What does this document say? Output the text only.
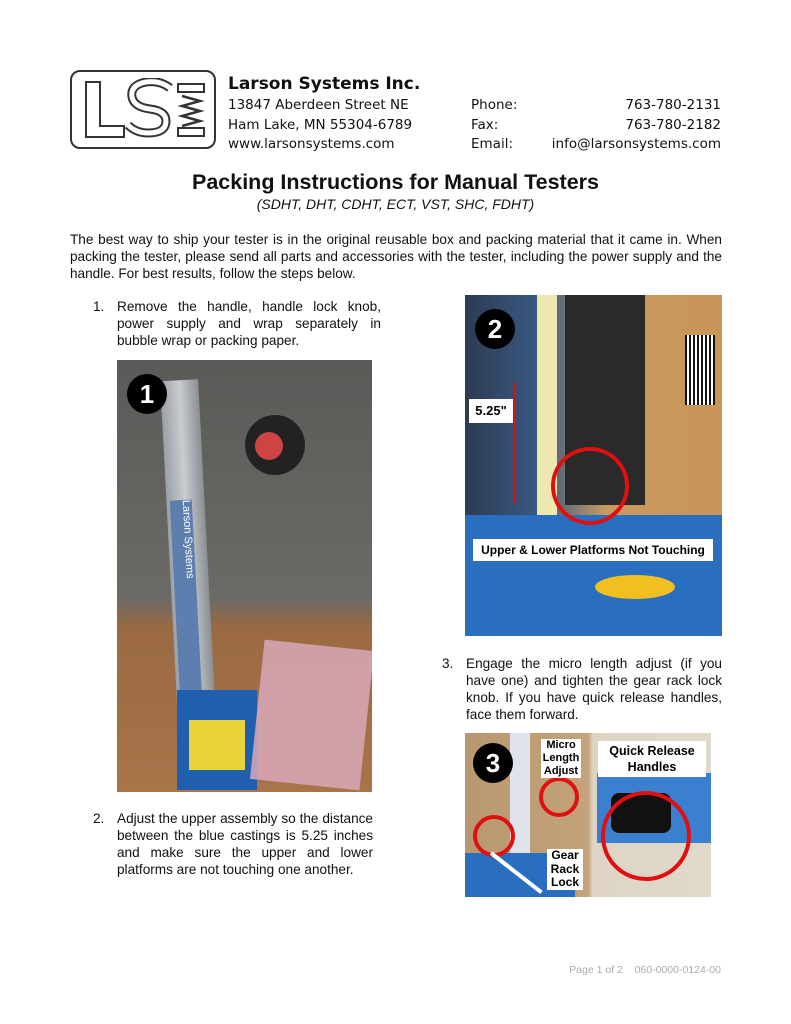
Larson Systems Inc.
13847 Aberdeen Street NE
Ham Lake, MN 55304-6789
www.larsonsystems.com
Phone:
Fax:
Email:
763-780-2131
763-780-2182
info@larsonsystems.com
Packing Instructions for Manual Testers
(SDHT, DHT, CDHT, ECT, VST, SHC, FDHT)
The best way to ship your tester is in the original reusable box and packing material that it came in. When packing the tester, please send all parts and accessories with the tester, including the power supply and the handle. For best results, follow the steps below.
1. Remove the handle, handle lock knob, power supply and wrap separately in bubble wrap or packing paper.
2. Adjust the upper assembly so the distance between the blue castings is 5.25 inches and make sure the upper and lower platforms are not touching one another.
3. Engage the micro length adjust (if you have one) and tighten the gear rack lock knob. If you have quick release handles, face them forward.
Larson Systems
1
2
5.25"
Upper & Lower Platforms Not Touching
3
Micro Length Adjust
Quick Release Handles
Gear Rack Lock
Page 1 of 2 060-0000-0124-00
